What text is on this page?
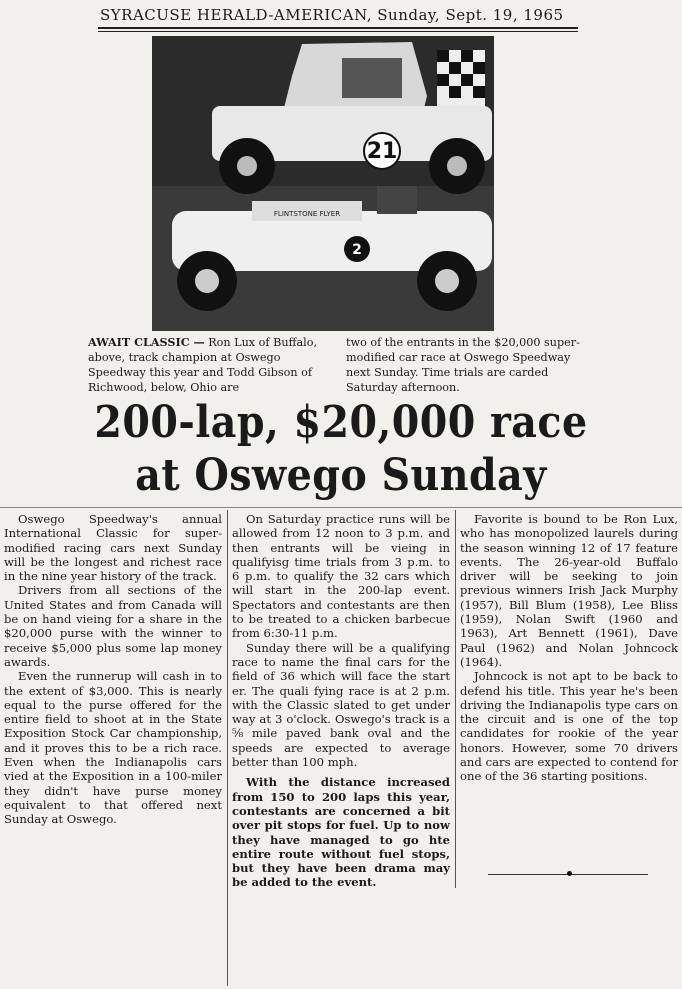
SYRACUSE HERALD-AMERICAN, Sunday, Sept. 19, 1965
21
FLINTSTONE FLYER
2
AWAIT CLASSIC — Ron Lux of Buffalo, above, track champion at Oswego Speedway this year and Todd Gibson of Richwood, below, Ohio are
two of the entrants in the $20,000 super-modified car race at Oswego Speedway next Sunday. Time trials are carded Saturday afternoon.
200-lap, $20,000 race
at Oswego Sunday

Oswego Speedway's annual International Classic for super-modified racing cars next Sunday will be the longest and richest race in the nine year history of the track.

Drivers from all sections of the United States and from Canada will be on hand vieing for a share in the $20,000 purse with the winner to receive $5,000 plus some lap money awards.

Even the runnerup will cash in to the extent of $3,000. This is nearly equal to the purse offered for the entire field to shoot at in the State Exposition Stock Car championship, and it proves this to be a rich race. Even when the Indianapolis cars vied at the Exposition in a 100-miler they didn't have purse money equivalent to that offered next Sunday at Oswego.

On Saturday practice runs will be allowed from 12 noon to 3 p.m. and then entrants will be vieing in qualifyisg time trials from 3 p.m. to 6 p.m. to qualify the 32 cars which will start in the 200-lap event. Spectators and contestants are then to be treated to a chicken barbecue from 6:30-11 p.m.

Sunday there will be a qualifying race to name the final cars for the field of 36 which will face the start er. The quali fying race is at 2 p.m. with the Classic slated to get under way at 3 o'clock. Oswego's track is a ⅝ mile paved bank oval and the speeds are expected to average better than 100 mph.

With the distance increased from 150 to 200 laps this year, contestants are concerned a bit over pit stops for fuel. Up to now they have managed to go hte entire route without fuel stops, but they have been drama may be added to the event.

Favorite is bound to be Ron Lux, who has monopolized laurels during the season winning 12 of 17 feature events. The 26-year-old Buffalo driver will be seeking to join previous winners Irish Jack Murphy (1957), Bill Blum (1958), Lee Bliss (1959), Nolan Swift (1960 and 1963), Art Bennett (1961), Dave Paul (1962) and Nolan Johncock (1964).

Johncock is not apt to be back to defend his title. This year he's been driving the Indianapolis type cars on the circuit and is one of the top candidates for rookie of the year honors. However, some 70 drivers and cars are expected to contend for one of the 36 starting positions.
